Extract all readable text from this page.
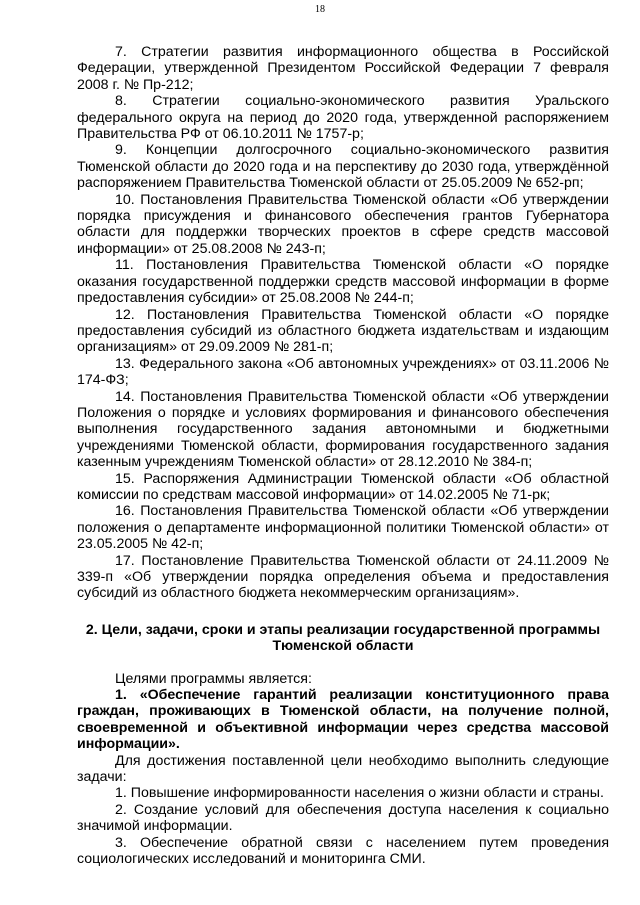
18

7. Стратегии развития информационного общества в Российской Федерации, утвержденной Президентом Российской Федерации 7 февраля 2008 г. № Пр-212;

8. Стратегии социально-экономического развития Уральского федерального округа на период до 2020 года, утвержденной распоряжением Правительства РФ от 06.10.2011 № 1757-р;

9. Концепции долгосрочного социально-экономического развития Тюменской области до 2020 года и на перспективу до 2030 года, утверждённой распоряжением Правительства Тюменской области от 25.05.2009 № 652-рп;

10. Постановления Правительства Тюменской области «Об утверждении порядка присуждения и финансового обеспечения грантов Губернатора области для поддержки творческих проектов в сфере средств массовой информации» от 25.08.2008 № 243-п;

11. Постановления Правительства Тюменской области «О порядке оказания государственной поддержки средств массовой информации в форме предоставления субсидии» от 25.08.2008 № 244-п;

12. Постановления Правительства Тюменской области «О порядке предоставления субсидий из областного бюджета издательствам и издающим организациям» от 29.09.2009 № 281-п;

13. Федерального закона «Об автономных учреждениях» от 03.11.2006 № 174-ФЗ;

14. Постановления Правительства Тюменской области «Об утверждении Положения о порядке и условиях формирования и финансового обеспечения выполнения государственного задания автономными и бюджетными учреждениями Тюменской области, формирования государственного задания казенным учреждениям Тюменской области» от 28.12.2010 № 384-п;

15. Распоряжения Администрации Тюменской области «Об областной комиссии по средствам массовой информации» от 14.02.2005 № 71-рк;

16. Постановления Правительства Тюменской области «Об утверждении положения о департаменте информационной политики Тюменской области» от 23.05.2005 № 42-п;

17. Постановление Правительства Тюменской области от 24.11.2009 № 339-п «Об утверждении порядка определения объема и предоставления субсидий из областного бюджета некоммерческим организациям».

2. Цели, задачи, сроки и этапы реализации государственной программы Тюменской области

Целями программы является:

1. «Обеспечение гарантий реализации конституционного права граждан, проживающих в Тюменской области, на получение полной, своевременной и объективной информации через средства массовой информации».

Для достижения поставленной цели необходимо выполнить следующие задачи:

1. Повышение информированности населения о жизни области и страны.

2. Создание условий для обеспечения доступа населения к социально значимой информации.

3. Обеспечение обратной связи с населением путем проведения социологических исследований и мониторинга СМИ.
